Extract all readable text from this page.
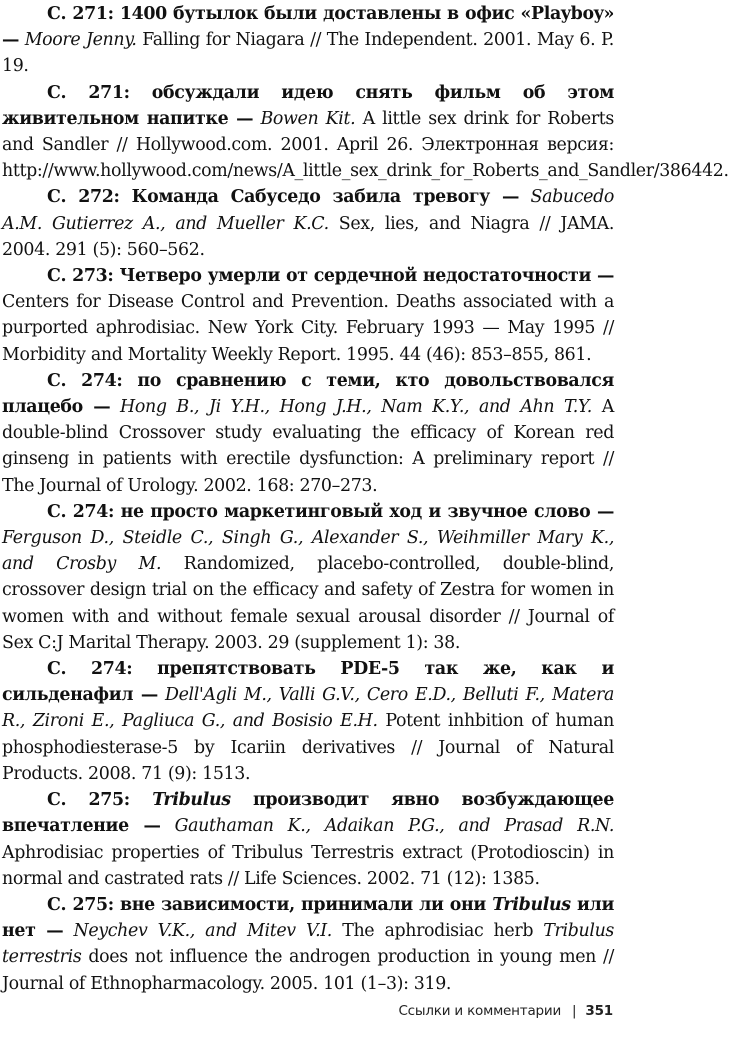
С. 271: 1400 бутылок были доставлены в офис «Playboy» — Moore Jenny. Falling for Niagara // The Independent. 2001. May 6. P. 19.

С. 271: обсуждали идею снять фильм об этом живительном напитке — Bowen Kit. A little sex drink for Roberts and Sandler // Hollywood.com. 2001. April 26. Электронная версия: http://www.hollywood.com/news/A_little_sex_drink_for_Roberts_and_Sandler/386442.

С. 272: Команда Сабуседо забила тревогу — Sabucedo A.M. Gutierrez A., and Mueller K.C. Sex, lies, and Niagra // JAMA. 2004. 291 (5): 560–562.

С. 273: Четверо умерли от сердечной недостаточности — Centers for Disease Control and Prevention. Deaths associated with a purported aphrodisiac. New York City. February 1993 — May 1995 // Morbidity and Mortality Weekly Report. 1995. 44 (46): 853–855, 861.

С. 274: по сравнению с теми, кто довольствовался плацебо — Hong B., Ji Y.H., Hong J.H., Nam K.Y., and Ahn T.Y. A double-blind Crossover study evaluating the efficacy of Korean red ginseng in patients with erectile dysfunction: A preliminary report // The Journal of Urology. 2002. 168: 270–273.

С. 274: не просто маркетинговый ход и звучное слово — Ferguson D., Steidle C., Singh G., Alexander S., Weihmiller Mary K., and Crosby M. Randomized, placebo-controlled, double-blind, crossover design trial on the efficacy and safety of Zestra for women in women with and without female sexual arousal disorder // Journal of Sex C:J Marital Therapy. 2003. 29 (supplement 1): 38.

С. 274: препятствовать PDE-5 так же, как и сильденафил — Dell'Agli M., Valli G.V., Cero E.D., Belluti F., Matera R., Zironi E., Pagliuca G., and Bosisio E.H. Potent inhbition of human phosphodiesterase-5 by Icariin derivatives // Journal of Natural Products. 2008. 71 (9): 1513.

С. 275: Tribulus производит явно возбуждающее впечатление — Gauthaman K., Adaikan P.G., and Prasad R.N. Aphrodisiac properties of Tribulus Terrestris extract (Protodioscin) in normal and castrated rats // Life Sciences. 2002. 71 (12): 1385.

С. 275: вне зависимости, принимали ли они Tribulus или нет — Neychev V.K., and Mitev V.I. The aphrodisiac herb Tribulus terrestris does not influence the androgen production in young men // Journal of Ethnopharmacology. 2005. 101 (1–3): 319.

Ссылки и комментарии | 351
